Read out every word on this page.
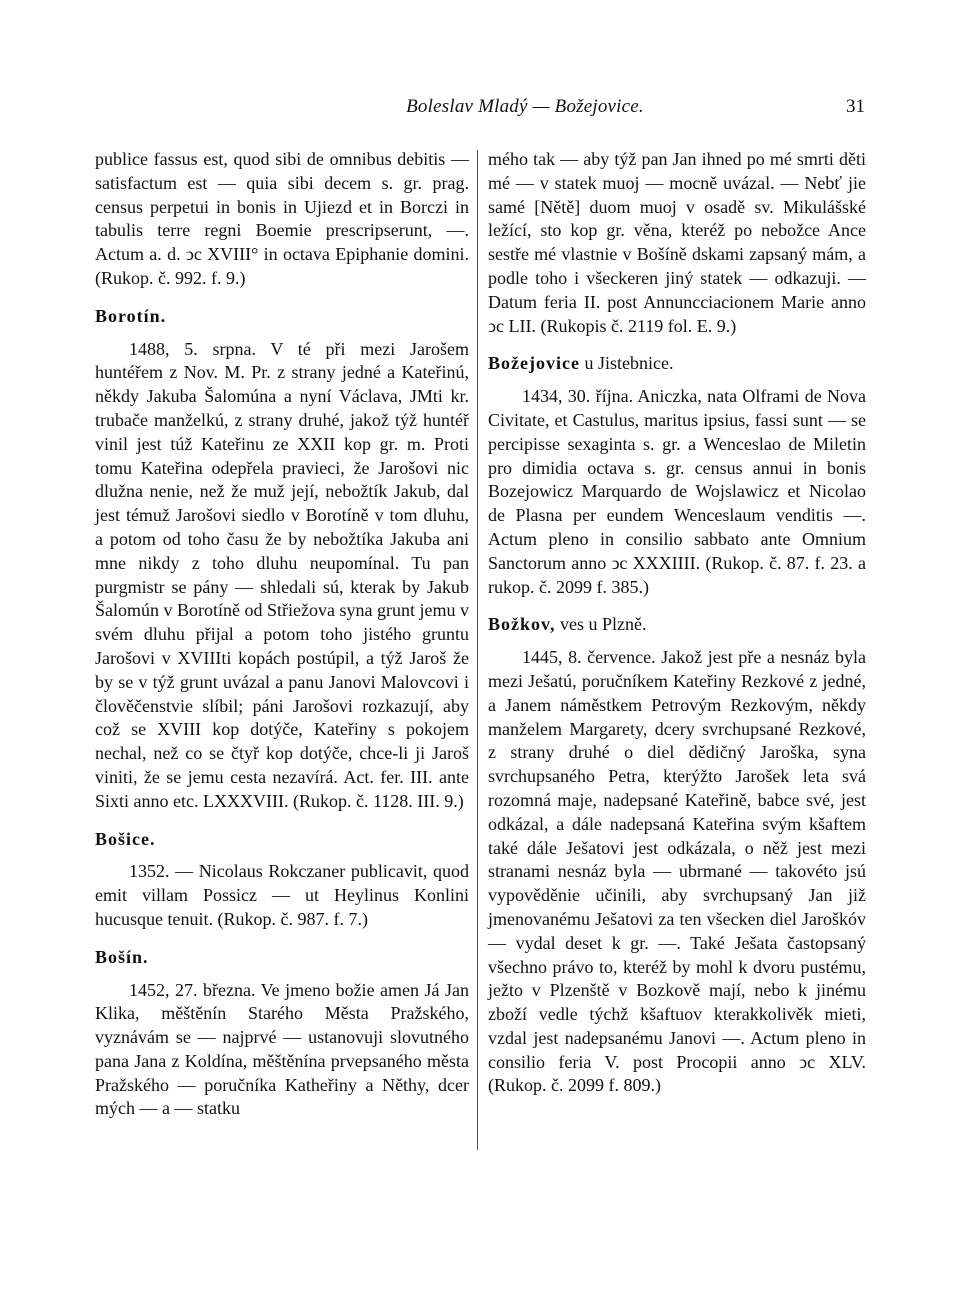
Boleslav Mladý — Božejovice.	31

publice fassus est, quod sibi de omnibus debitis — satisfactum est — quia sibi decem s. gr. prag. census perpetui in bonis in Ujiezd et in Borczi in tabulis terre regni Boemie prescripserunt, —. Actum a. d. ↄc XVIII° in octava Epiphanie domini. (Rukop. č. 992. f. 9.)

Borotín.

1488, 5. srpna. V té při mezi Jarošem huntéřem z Nov. M. Pr. z strany jedné a Kateřinú, někdy Jakuba Šalomúna a nyní Václava, JMti kr. trubače manželkú, z strany druhé, jakož týž huntéř vinil jest túž Kateřinu ze XXII kop gr. m. Proti tomu Kateřina odepřela pravieci, že Jarošovi nic dlužna nenie, než že muž její, nebožtík Jakub, dal jest témuž Jarošovi siedlo v Borotíně v tom dluhu, a potom od toho času že by nebožtíka Jakuba ani mne nikdy z toho dluhu neupomínal. Tu pan purgmistr se pány — shledali sú, kterak by Jakub Šalomún v Borotíně od Střiežova syna grunt jemu v svém dluhu přijal a potom toho jistého gruntu Jarošovi v XVIIIti kopách postúpil, a týž Jaroš že by se v týž grunt uvázal a panu Janovi Malovcovi i člověčenstvie slíbil; páni Jarošovi rozkazují, aby což se XVIII kop dotýče, Kateřiny s pokojem nechal, než co se čtyř kop dotýče, chce-li ji Jaroš viniti, že se jemu cesta nezavírá. Act. fer. III. ante Sixti anno etc. LXXXVIII. (Rukop. č. 1128. III. 9.)

Bošice.

1352. — Nicolaus Rokczaner publicavit, quod emit villam Possicz — ut Heylinus Konlini hucusque tenuit. (Rukop. č. 987. f. 7.)

Bošín.

1452, 27. března. Ve jmeno božie amen Já Jan Klika, měštěnín Starého Města Pražského, vyznávám se — najprvé — ustanovuji slovutného pana Jana z Koldína, měštěnína prvepsaného města Pražského — poručníka Katheřiny a Něthy, dcer mých — a — statku

mého tak — aby týž pan Jan ihned po mé smrti děti mé — v statek muoj — mocně uvázal. — Nebť jie samé [Nětě] duom muoj v osadě sv. Mikulášské ležící, sto kop gr. věna, kteréž po nebožce Ance sestře mé vlastnie v Bošíně dskami zapsaný mám, a podle toho i všeckeren jiný statek — odkazuji. — Datum feria II. post Annuncciacionem Marie anno ↄc LII. (Rukopis č. 2119 fol. E. 9.)

Božejovice u Jistebnice.

1434, 30. října. Aniczka, nata Olframi de Nova Civitate, et Castulus, maritus ipsius, fassi sunt — se percipisse sexaginta s. gr. a Wenceslao de Miletin pro dimidia octava s. gr. census annui in bonis Bozejowicz Marquardo de Wojslawicz et Nicolao de Plasna per eundem Wenceslaum venditis —. Actum pleno in consilio sabbato ante Omnium Sanctorum anno ↄc XXXIIII. (Rukop. č. 87. f. 23. a rukop. č. 2099 f. 385.)

Božkov, ves u Plzně.

1445, 8. července. Jakož jest pře a nesnáz byla mezi Ješatú, poručníkem Kateřiny Rezkové z jedné, a Janem náměstkem Petrovým Rezkovým, někdy manželem Margarety, dcery svrchupsané Rezkové, z strany druhé o diel dědičný Jaroška, syna svrchupsaného Petra, kterýžto Jarošek leta svá rozomná maje, nadepsané Kateřině, babce své, jest odkázal, a dále nadepsaná Kateřina svým kšaftem také dále Ješatovi jest odkázala, o něž jest mezi stranami nesnáz byla — ubrmané — takovéto jsú vypověděnie učinili, aby svrchupsaný Jan již jmenovanému Ješatovi za ten všecken diel Jaroškóv — vydal deset k gr. —. Také Ješata častopsaný všechno právo to, kteréž by mohl k dvoru pustému, ježto v Plzenště v Bozkově mají, nebo k jinému zboží vedle týchž kšaftuov kterakkolivěk mieti, vzdal jest nadepsanému Janovi —. Actum pleno in consilio feria V. post Procopii anno ↄc XLV. (Rukop. č. 2099 f. 809.)
